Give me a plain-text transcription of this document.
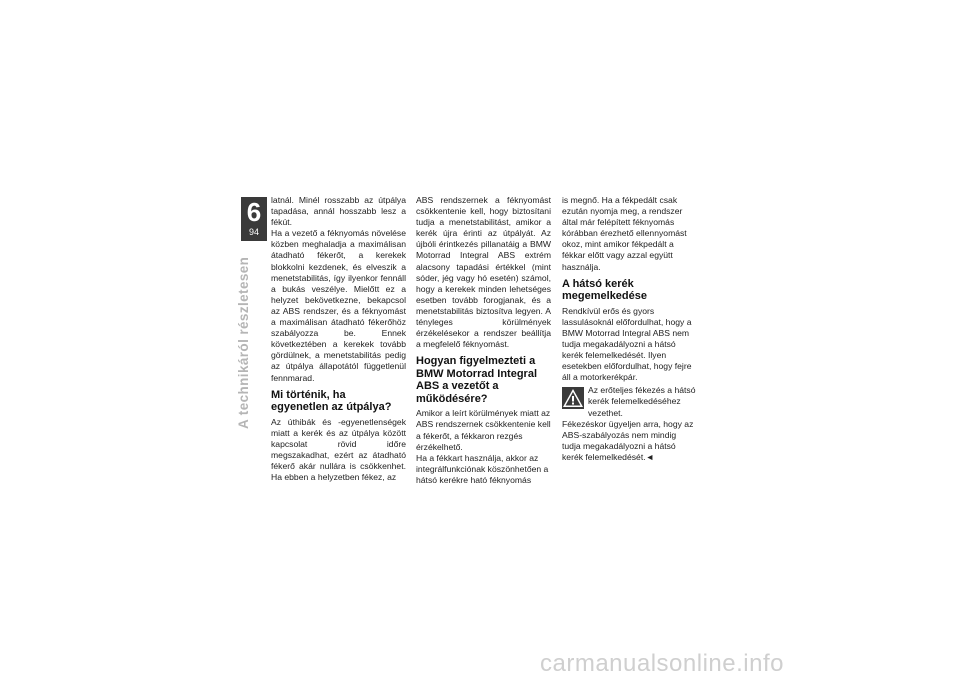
6
94
A technikáról részletesen

latnál. Minél rosszabb az útpálya tapadása, annál hosszabb lesz a fékút.

Ha a vezető a féknyomás növelése közben meghaladja a maximálisan átadható fékerőt, a kerekek blokkolni kezdenek, és elveszik a menetstabilitás, így ilyenkor fennáll a bukás veszélye. Mielőtt ez a helyzet bekövetkezne, bekapcsol az ABS rendszer, és a féknyomást a maximálisan átadható fékerőhöz szabályozza be. Ennek következtében a kerekek tovább gördülnek, a menetstabilitás pedig az útpálya állapotától függetlenül fennmarad.

Mi történik, ha egyenetlen az útpálya?

Az úthibák és -egyenetlenségek miatt a kerék és az útpálya között kapcsolat rövid időre megszakadhat, ezért az átadható fékerő akár nullára is csökkenhet. Ha ebben a helyzetben fékez, az

ABS rendszernek a féknyomást csökkentenie kell, hogy biztosítani tudja a menetstabilitást, amikor a kerék újra érinti az útpályát. Az újbóli érintkezés pillanatáig a BMW Motorrad Integral ABS extrém alacsony tapadási értékkel (mint sóder, jég vagy hó esetén) számol, hogy a kerekek minden lehetséges esetben tovább forogjanak, és a menetstabilitás biztosítva legyen. A tényleges körülmények érzékelésekor a rendszer beállítja a megfelelő féknyomást.

Hogyan figyelmezteti a BMW Motorrad Integral ABS a vezetőt a működésére?

Amikor a leírt körülmények miatt az ABS rendszernek csökkentenie kell a fékerőt, a fékkaron rezgés érzékelhető.

Ha a fékkart használja, akkor az integrálfunkciónak köszönhetően a hátsó kerékre ható féknyomás

is megnő. Ha a fékpedált csak ezután nyomja meg, a rendszer által már felépített féknyomás kórábban érezhető ellennyomást okoz, mint amikor fékpedált a fékkar előtt vagy azzal együtt használja.

A hátsó kerék megemelkedése

Rendkívül erős és gyors lassulásoknál előfordulhat, hogy a BMW Motorrad Integral ABS nem tudja megakadályozni a hátsó kerék felemelkedését. Ilyen esetekben előfordulhat, hogy fejre áll a motorkerékpár.

Az erőteljes fékezés a hátsó kerék felemelkedéséhez vezethet.

Fékezéskor ügyeljen arra, hogy az ABS-szabályozás nem mindig tudja megakadályozni a hátsó kerék felemelkedését.◄

carmanualsonline.info
